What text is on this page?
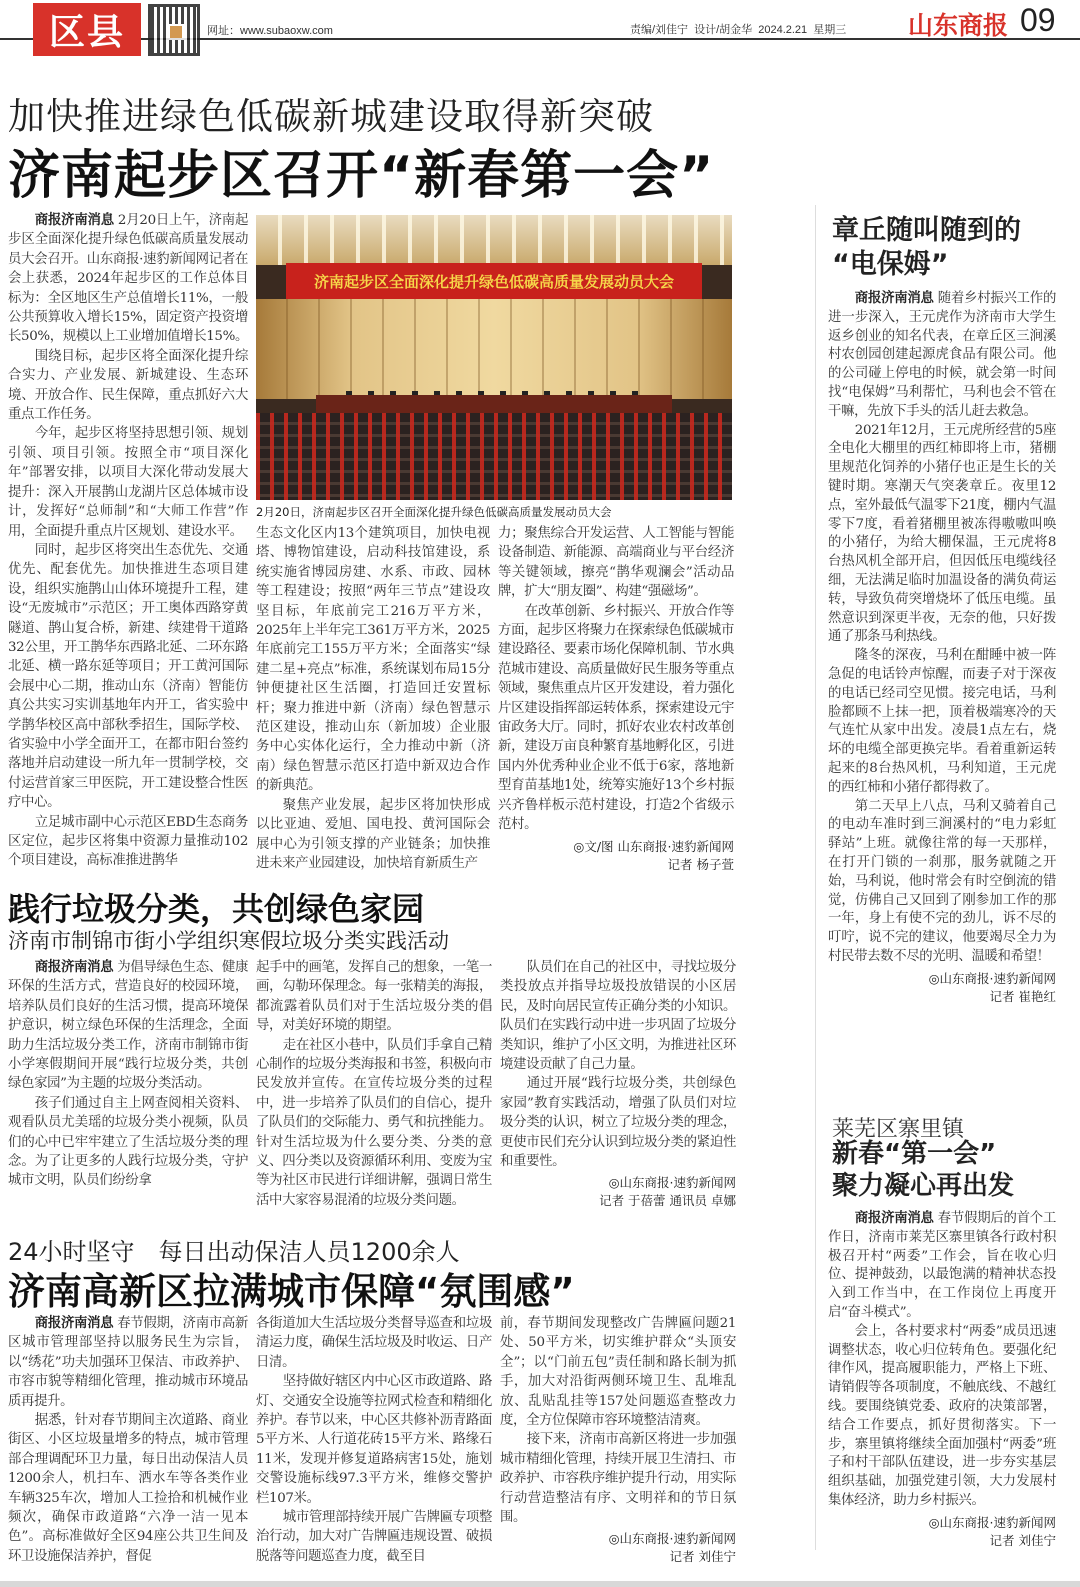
区县	网址：www.subaoxw.com	责编/刘佳宁 设计/胡金华 2024.2.21 星期三 山东商报 09
加快推进绿色低碳新城建设取得新突破
济南起步区召开“新春第一会”

商报济南消息 2月20日上午，济南起步区全面深化提升绿色低碳高质量发展动员大会召开。山东商报·速豹新闻网记者在会上获悉，2024年起步区的工作总体目标为：全区地区生产总值增长11%，一般公共预算收入增长15%，固定资产投资增长50%，规模以上工业增加值增长15%。

围绕目标，起步区将全面深化提升综合实力、产业发展、新城建设、生态环境、开放合作、民生保障，重点抓好六大重点工作任务。

今年，起步区将坚持思想引领、规划引领、项目引领。按照全市“项目深化年”部署安排，以项目大深化带动发展大提升：深入开展鹊山龙湖片区总体城市设计，发挥好“总师制”和“大师工作营”作用，全面提升重点片区规划、建设水平。

同时，起步区将突出生态优先、交通优先、配套优先。加快推进生态项目建设，组织实施鹊山山体环境提升工程，建设“无废城市”示范区；开工奥体西路穿黄隧道、鹊山复合桥，新建、续建骨干道路32公里，开工鹊华东西路北延、二环东路北延、横一路东延等项目；开工黄河国际会展中心二期，推动山东（济南）智能仿真公共实习实训基地年内开工，省实验中学鹊华校区高中部秋季招生，国际学校、省实验中小学全面开工，在都市阳台签约落地并启动建设一所九年一贯制学校，交付运营首家三甲医院，开工建设整合性医疗中心。

立足城市副中心示范区EBD生态商务区定位，起步区将集中资源力量推动102个项目建设，高标准推进鹊华

济南起步区全面深化提升绿色低碳高质量发展动员大会
2月20日，济南起步区召开全面深化提升绿色低碳高质量发展动员大会

生态文化区内13个建筑项目，加快电视塔、博物馆建设，启动科技馆建设，系统实施省博园房建、水系、市政、园林等工程建设；按照“两年三节点”建设攻坚目标，年底前完工216万平方米，2025年上半年完工361万平方米，2025年底前完工155万平方米；全面落实“绿建二星+亮点”标准，系统谋划布局15分钟便捷社区生活圈，打造回迁安置标杆；聚力推进中新（济南）绿色智慧示范区建设，推动山东（新加坡）企业服务中心实体化运行，全力推动中新（济南）绿色智慧示范区打造中新双边合作的新典范。

聚焦产业发展，起步区将加快形成以比亚迪、爱旭、国电投、黄河国际会展中心为引领支撑的产业链条；加快推进未来产业园建设，加快培育新质生产

力；聚焦综合开发运营、人工智能与智能设备制造、新能源、高端商业与平台经济等关键领域，擦亮“鹊华观澜会”活动品牌，扩大“朋友圈”、构建“强磁场”。

在改革创新、乡村振兴、开放合作等方面，起步区将聚力在探索绿色低碳城市建设路径、要素市场化保障机制、节水典范城市建设、高质量做好民生服务等重点领域，聚焦重点片区开发建设，着力强化片区建设指挥部运转体系，探索建设元宇宙政务大厅。同时，抓好农业农村改革创新，建设万亩良种繁育基地孵化区，引进国内外优秀种业企业不低于6家，落地新型育苗基地1处，统筹实施好13个乡村振兴齐鲁样板示范村建设，打造2个省级示范村。

◎文/图 山东商报·速豹新闻网
记者 杨子萱
章丘随叫随到的
“电保姆”

商报济南消息 随着乡村振兴工作的进一步深入，王元虎作为济南市大学生返乡创业的知名代表，在章丘区三涧溪村农创园创建起源虎食品有限公司。他的公司碰上停电的时候，就会第一时间找“电保姆”马利帮忙，马利也会不管在干嘛，先放下手头的活儿赶去救急。

2021年12月，王元虎所经营的5座全电化大棚里的西红柿即将上市，猪棚里规范化饲养的小猪仔也正是生长的关键时期。寒潮天气突袭章丘。夜里12点，室外最低气温零下21度，棚内气温零下7度，看着猪棚里被冻得嗷嗷叫唤的小猪仔，为给大棚保温，王元虎将8台热风机全部开启，但因低压电缆线径细，无法满足临时加温设备的满负荷运转，导致负荷突增烧坏了低压电缆。虽然意识到深更半夜，无奈的他，只好拨通了那条马利热线。

隆冬的深夜，马利在酣睡中被一阵急促的电话铃声惊醒，而妻子对于深夜的电话已经司空见惯。接完电话，马利脸都顾不上抹一把，顶着极端寒冷的天气连忙从家中出发。凌晨1点左右，烧坏的电缆全部更换完毕。看着重新运转起来的8台热风机，马利知道，王元虎的西红柿和小猪仔都得救了。

第二天早上八点，马利又骑着自己的电动车准时到三涧溪村的“电力彩虹驿站”上班。就像往常的每一天那样，在打开门锁的一刹那，服务就随之开始，马利说，他时常会有时空倒流的错觉，仿佛自己又回到了刚参加工作的那一年，身上有使不完的劲儿，诉不尽的叮咛，说不完的建议，他要竭尽全力为村民带去数不尽的光明、温暖和希望！

◎山东商报·速豹新闻网
记者 崔艳红
践行垃圾分类，共创绿色家园
济南市制锦市街小学组织寒假垃圾分类实践活动

商报济南消息 为倡导绿色生态、健康环保的生活方式，营造良好的校园环境，培养队员们良好的生活习惯，提高环境保护意识，树立绿色环保的生活理念，全面助力生活垃圾分类工作，济南市制锦市街小学寒假期间开展“践行垃圾分类，共创绿色家园”为主题的垃圾分类活动。

孩子们通过自主上网查阅相关资料、观看队员尤美瑶的垃圾分类小视频，队员们的心中已牢牢建立了生活垃圾分类的理念。为了让更多的人践行垃圾分类，守护城市文明，队员们纷纷拿

起手中的画笔，发挥自己的想象，一笔一画，勾勒环保理念。每一张精美的海报，都流露着队员们对于生活垃圾分类的倡导，对美好环境的期望。

走在社区小巷中，队员们手拿自己精心制作的垃圾分类海报和书签，积极向市民发放并宣传。在宣传垃圾分类的过程中，进一步培养了队员们的自信心，提升了队员们的交际能力、勇气和抗挫能力。针对生活垃圾为什么要分类、分类的意义、四分类以及资源循环利用、变废为宝等为社区市民进行详细讲解，强调日常生活中大家容易混淆的垃圾分类问题。

队员们在自己的社区中，寻找垃圾分类投放点并指导垃圾投放错误的小区居民，及时向居民宣传正确分类的小知识。队员们在实践行动中进一步巩固了垃圾分类知识，维护了小区文明，为推进社区环境建设贡献了自己力量。

通过开展“践行垃圾分类，共创绿色家园”教育实践活动，增强了队员们对垃圾分类的认识，树立了垃圾分类的理念，更使市民们充分认识到垃圾分类的紧迫性和重要性。

◎山东商报·速豹新闻网
记者 于蓓蕾 通讯员 卓娜
莱芜区寨里镇
新春“第一会”
聚力凝心再出发

商报济南消息 春节假期后的首个工作日，济南市莱芜区寨里镇各行政村积极召开村“两委”工作会，旨在收心归位、提神鼓劲，以最饱满的精神状态投入到工作当中，在工作岗位上再度开启“奋斗模式”。

会上，各村要求村“两委”成员迅速调整状态，收心归位转角色。要强化纪律作风，提高履职能力，严格上下班、请销假等各项制度，不触底线、不越红线。要围绕镇党委、政府的决策部署，结合工作要点，抓好贯彻落实。下一步，寨里镇将继续全面加强村“两委”班子和村干部队伍建设，进一步夯实基层组织基础，加强党建引领，大力发展村集体经济，助力乡村振兴。

◎山东商报·速豹新闻网
记者 刘佳宁
24小时坚守　每日出动保洁人员1200余人
济南高新区拉满城市保障“氛围感”

商报济南消息 春节假期，济南市高新区城市管理部坚持以服务民生为宗旨，以“绣花”功夫加强环卫保洁、市政养护、市容市貌等精细化管理，推动城市环境品质再提升。

据悉，针对春节期间主次道路、商业街区、小区垃圾量增多的特点，城市管理部合理调配环卫力量，每日出动保洁人员1200余人，机扫车、洒水车等各类作业车辆325车次，增加人工捡拾和机械作业频次，确保市政道路“六净一洁一见本色”。高标准做好全区94座公共卫生间及环卫设施保洁养护，督促

各街道加大生活垃圾分类督导巡查和垃圾清运力度，确保生活垃圾及时收运、日产日清。

坚持做好辖区内中心区市政道路、路灯、交通安全设施等拉网式检查和精细化养护。春节以来，中心区共修补沥青路面5平方米、人行道花砖15平方米、路缘石11米，发现并修复道路病害15处，施划交警设施标线97.3平方米，维修交警护栏107米。

城市管理部持续开展广告牌匾专项整治行动，加大对广告牌匾违规设置、破损脱落等问题巡查力度，截至目

前，春节期间发现整改广告牌匾问题21处、50平方米，切实维护群众“头顶安全”；以“门前五包”责任制和路长制为抓手，加大对沿街两侧环境卫生、乱堆乱放、乱贴乱挂等157处问题巡查整改力度，全方位保障市容环境整洁清爽。

接下来，济南市高新区将进一步加强城市精细化管理，持续开展卫生清扫、市政养护、市容秩序维护提升行动，用实际行动营造整洁有序、文明祥和的节日氛围。

◎山东商报·速豹新闻网
记者 刘佳宁
